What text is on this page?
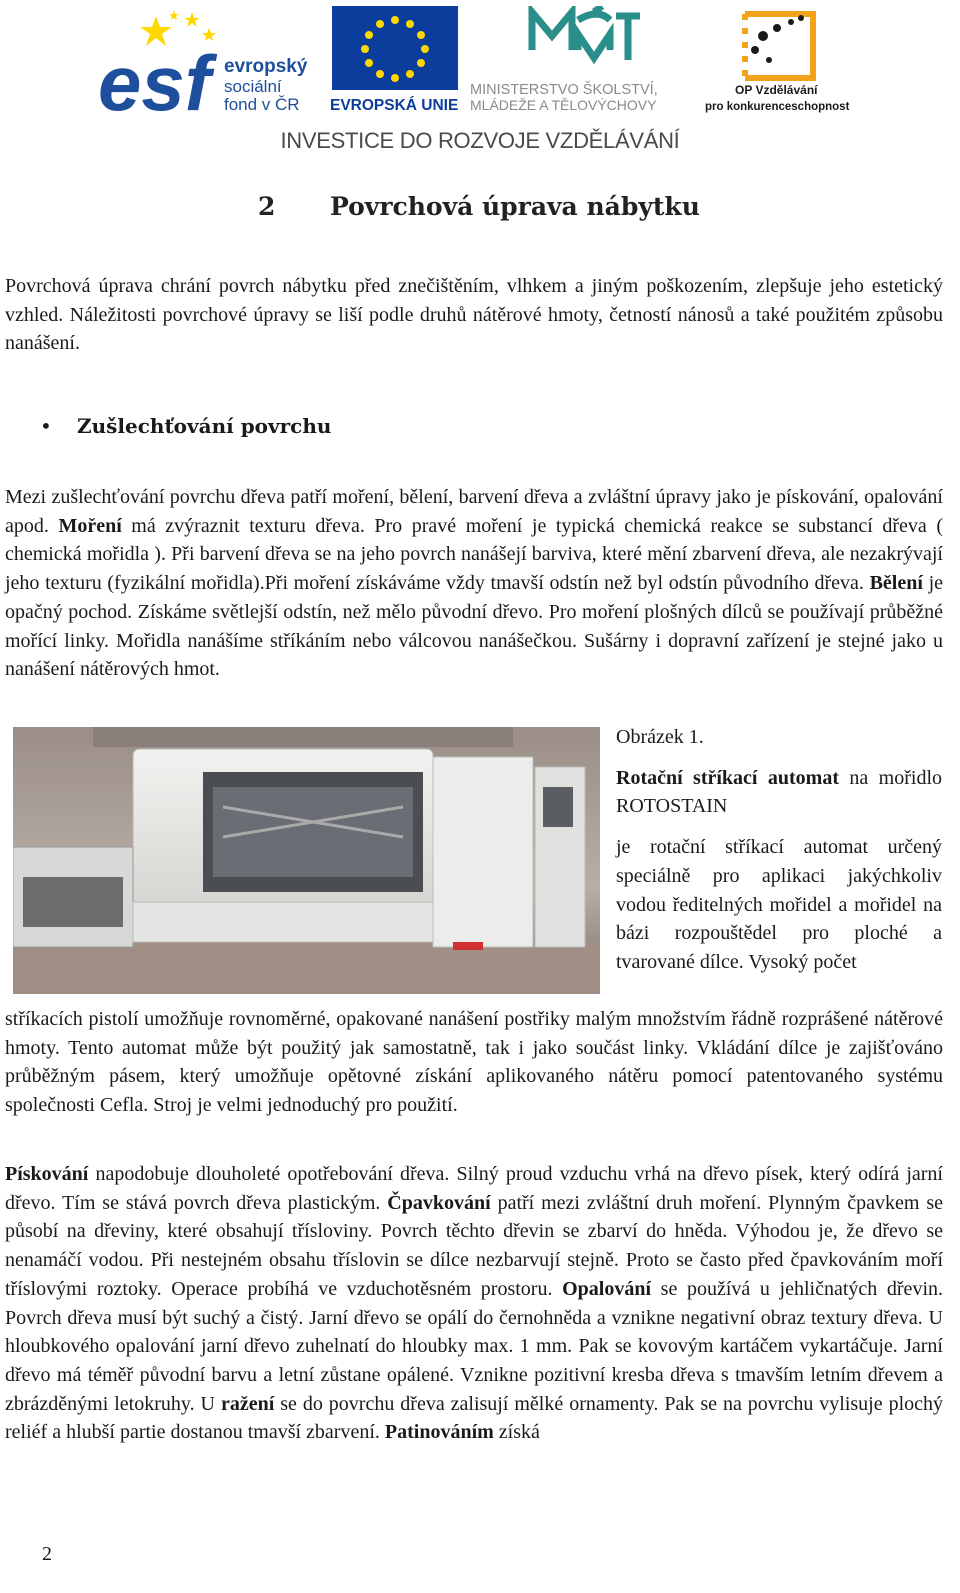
esf evropský
sociální
fond v ČR EVROPSKÁ UNIE
MINISTERSTVO ŠKOLSTVÍ,
MLÁDEŽE A TĚLOVÝCHOVY
OP Vzdělávání
pro konkurenceschopnost
INVESTICE DO ROZVOJE VZDĚLÁVÁNÍ
2 Povrchová úprava nábytku

Povrchová úprava chrání povrch nábytku před znečištěním, vlhkem a jiným poškozením, zlepšuje jeho estetický vzhled. Náležitosti povrchové úpravy se liší podle druhů nátěrové hmoty, četností nánosů a také použitém způsobu nanášení.

• Zušlechťování povrchu

Mezi zušlechťování povrchu dřeva patří moření, bělení, barvení dřeva a zvláštní úpravy jako je pískování, opalování apod. Moření má zvýraznit texturu dřeva. Pro pravé moření je typická chemická reakce se substancí dřeva ( chemická mořidla ). Při barvení dřeva se na jeho povrch nanášejí barviva, které mění zbarvení dřeva, ale nezakrývají jeho texturu (fyzikální mořidla).Při moření získáváme vždy tmavší odstín než byl odstín původního dřeva. Bělení je opačný pochod. Získáme světlejší odstín, než mělo původní dřevo. Pro moření plošných dílců se používají průběžné mořící linky. Mořidla nanášíme stříkáním nebo válcovou nanášečkou. Sušárny i dopravní zařízení je stejné jako u nanášení nátěrových hmot.

Obrázek 1.

Rotační stříkací automat na mořidlo ROTOSTAIN

je rotační stříkací automat určený speciálně pro aplikaci jakýchkoliv vodou ředitelných mořidel a mořidel na bázi rozpouštědel pro ploché a tvarované dílce. Vysoký počet

stříkacích pistolí umožňuje rovnoměrné, opakované nanášení postřiky malým množstvím řádně rozprášené nátěrové hmoty. Tento automat může být použitý jak samostatně, tak i jako součást linky. Vkládání dílce je zajišťováno průběžným pásem, který umožňuje opětovné získání aplikovaného nátěru pomocí patentovaného systému společnosti Cefla. Stroj je velmi jednoduchý pro použití.

Pískování napodobuje dlouholeté opotřebování dřeva. Silný proud vzduchu vrhá na dřevo písek, který odírá jarní dřevo. Tím se stává povrch dřeva plastickým. Čpavkování patří mezi zvláštní druh moření. Plynným čpavkem se působí na dřeviny, které obsahují třísloviny. Povrch těchto dřevin se zbarví do hněda. Výhodou je, že dřevo se nenamáčí vodou. Při nestejném obsahu tříslovin se dílce nezbarvují stejně. Proto se často před čpavkováním moří tříslovými roztoky. Operace probíhá ve vzduchotěsném prostoru. Opalování se používá u jehličnatých dřevin. Povrch dřeva musí být suchý a čistý. Jarní dřevo se opálí do černohněda a vznikne negativní obraz textury dřeva. U hloubkového opalování jarní dřevo zuhelnatí do hloubky max. 1 mm. Pak se kovovým kartáčem vykartáčuje. Jarní dřevo má téměř původní barvu a letní zůstane opálené. Vznikne pozitivní kresba dřeva s tmavším letním dřevem a zbrázděnými letokruhy. U ražení se do povrchu dřeva zalisují mělké ornamenty. Pak se na povrchu vylisuje plochý reliéf a hlubší partie dostanou tmavší zbarvení. Patinováním získá

2
